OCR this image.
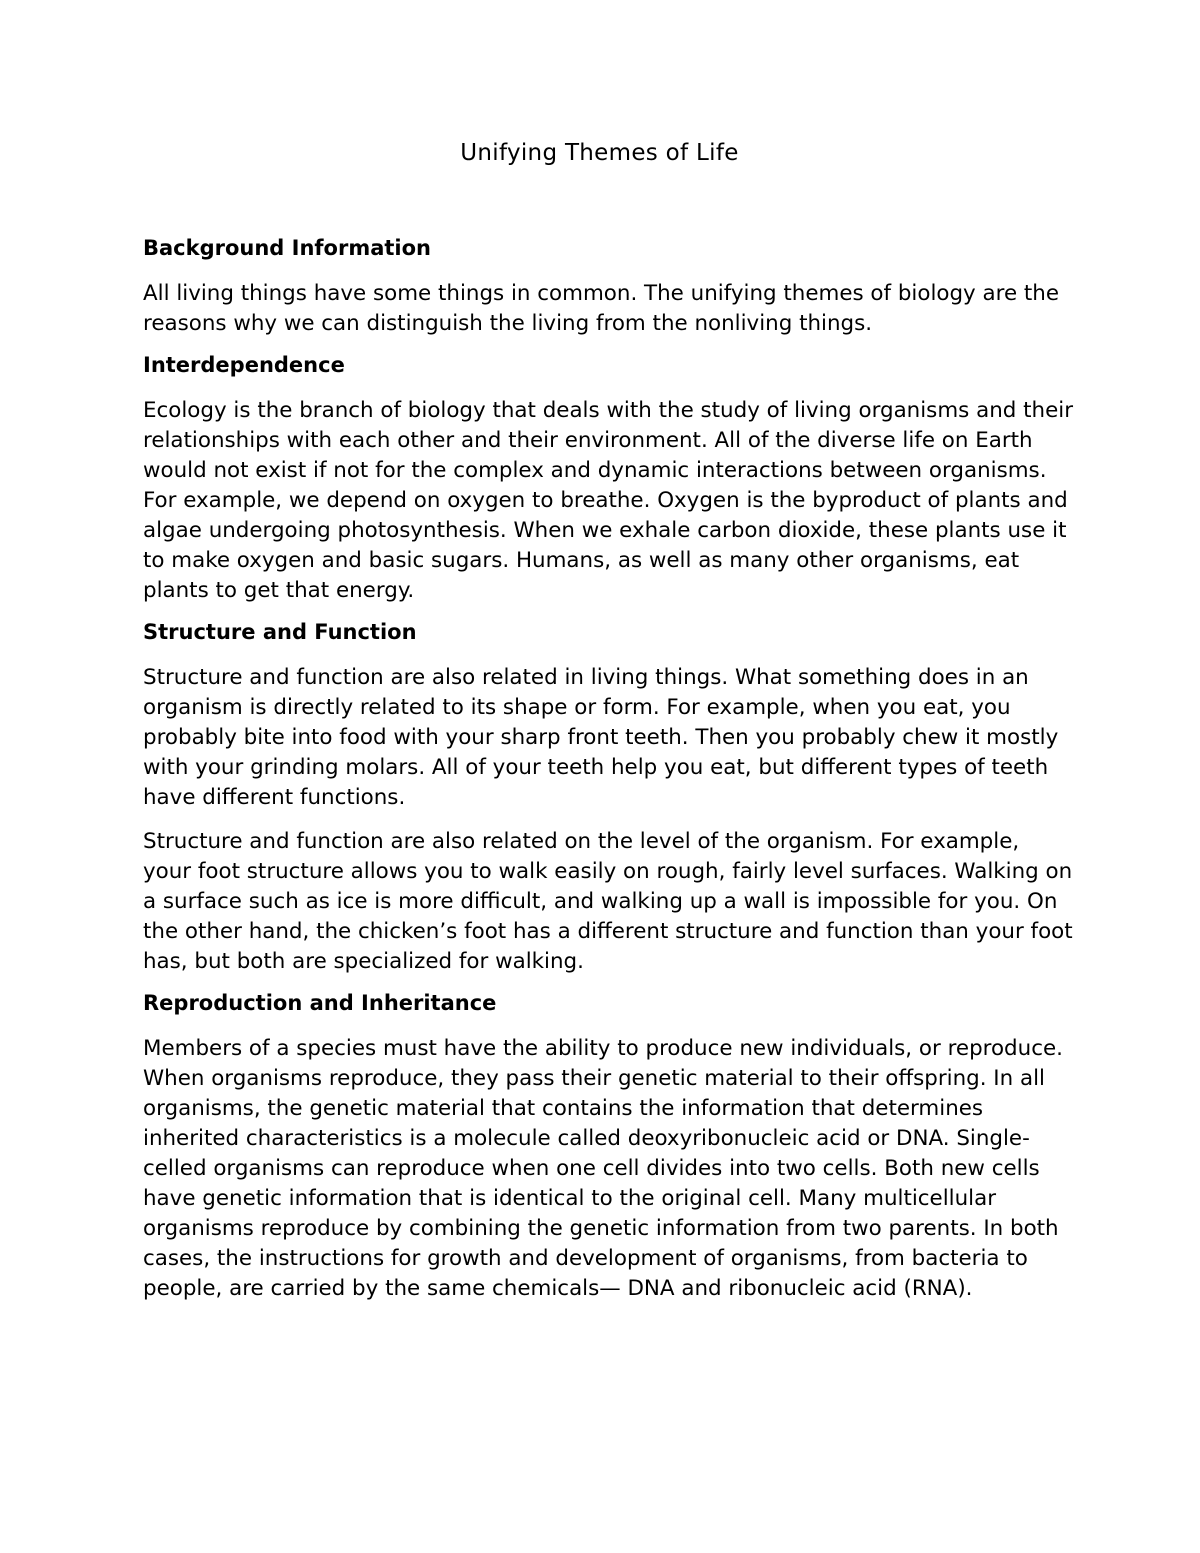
Unifying Themes of Life
Background Information

All living things have some things in common. The unifying themes of biology are the reasons why we can distinguish the living from the nonliving things.

Interdependence

Ecology is the branch of biology that deals with the study of living organisms and their relationships with each other and their environment. All of the diverse life on Earth would not exist if not for the complex and dynamic interactions between organisms. For example, we depend on oxygen to breathe. Oxygen is the byproduct of plants and algae undergoing photosynthesis. When we exhale carbon dioxide, these plants use it to make oxygen and basic sugars. Humans, as well as many other organisms, eat plants to get that energy.

Structure and Function

Structure and function are also related in living things. What something does in an organism is directly related to its shape or form. For example, when you eat, you probably bite into food with your sharp front teeth. Then you probably chew it mostly with your grinding molars. All of your teeth help you eat, but different types of teeth have different functions.

Structure and function are also related on the level of the organism. For example, your foot structure allows you to walk easily on rough, fairly level surfaces. Walking on a surface such as ice is more difficult, and walking up a wall is impossible for you. On the other hand, the chicken’s foot has a different structure and function than your foot has, but both are specialized for walking.

Reproduction and Inheritance

Members of a species must have the ability to produce new individuals, or reproduce. When organisms reproduce, they pass their genetic material to their offspring. In all organisms, the genetic material that contains the information that determines inherited characteristics is a molecule called deoxyribonucleic acid or DNA. Single-celled organisms can reproduce when one cell divides into two cells. Both new cells have genetic information that is identical to the original cell. Many multicellular organisms reproduce by combining the genetic information from two parents. In both cases, the instructions for growth and development of organisms, from bacteria to people, are carried by the same chemicals— DNA and ribonucleic acid (RNA).
